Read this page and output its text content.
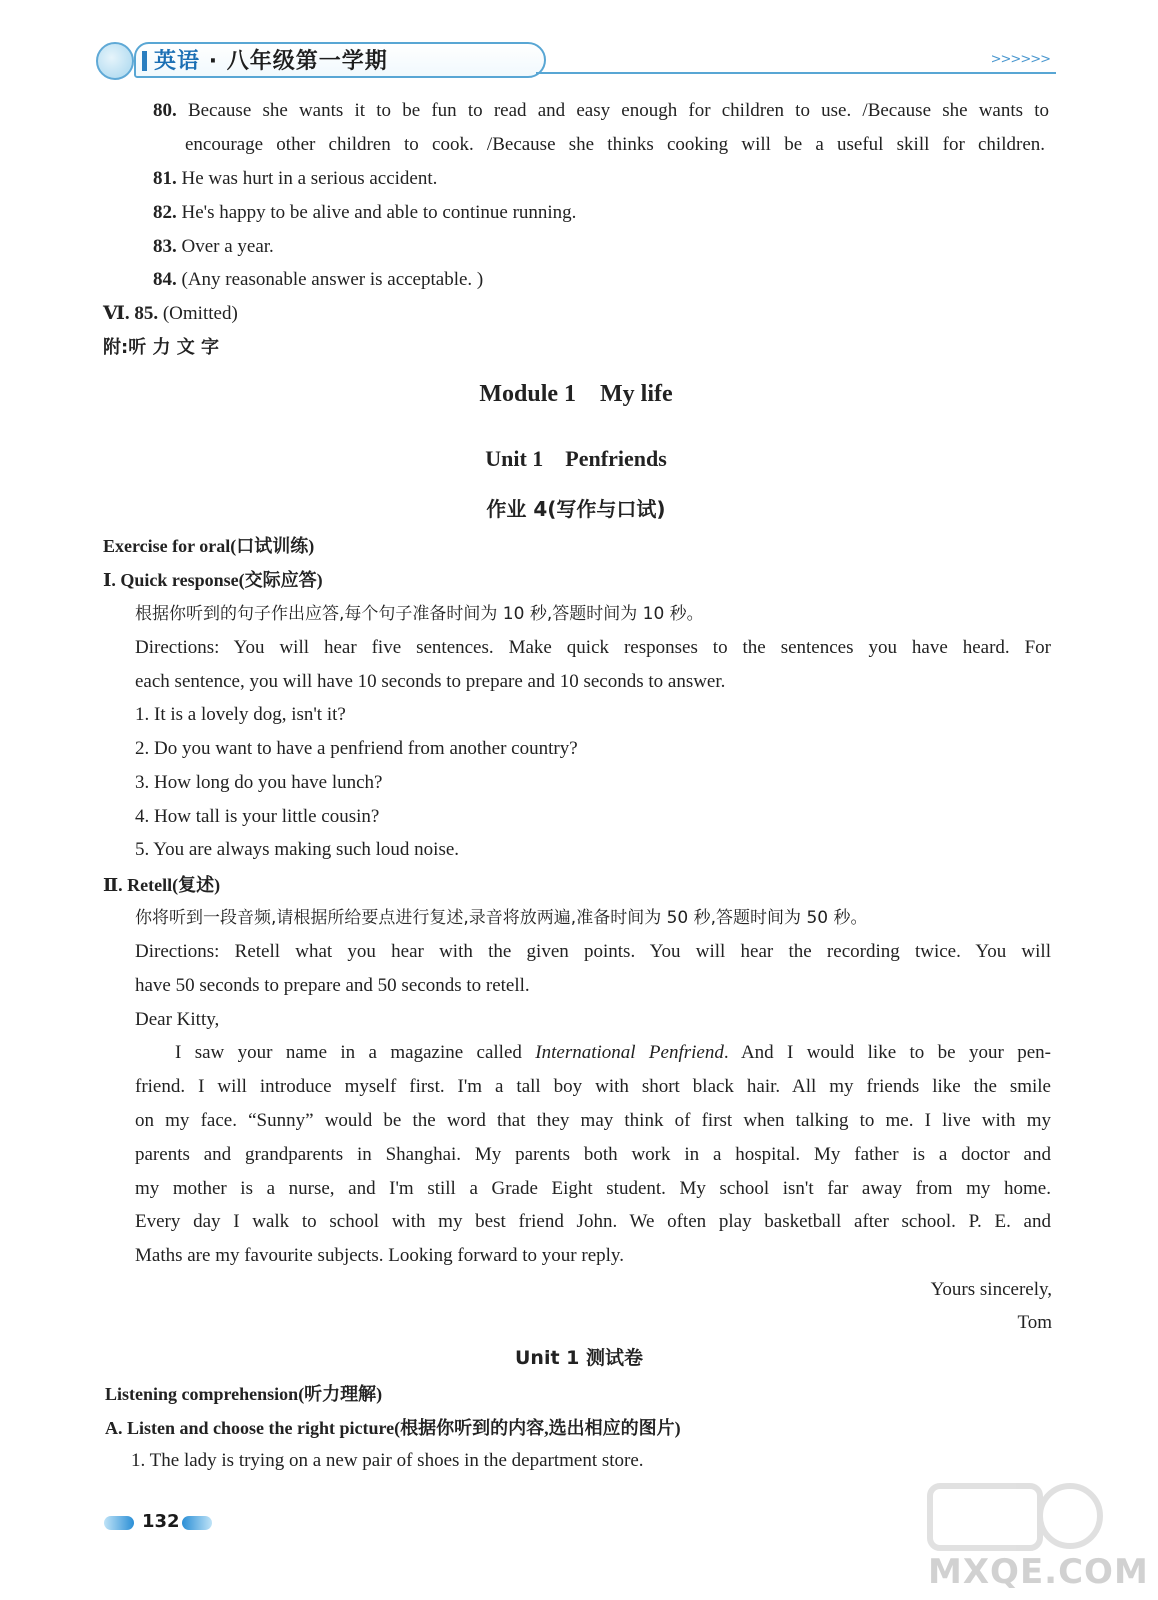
英语 · 八年级第一学期	>>>>>>
80. Because she wants it to be fun to read and easy enough for children to use. /Because she wants to
encourage other children to cook. /Because she thinks cooking will be a useful skill for children.
81. He was hurt in a serious accident.
82. He's happy to be alive and able to continue running.
83. Over a year.
84. (Any reasonable answer is acceptable. )
Ⅵ. 85. (Omitted)
附:听 力 文 字
Module 1    My life
Unit 1    Penfriends
作业 4(写作与口试)
Exercise for oral(口试训练)
Ⅰ. Quick response(交际应答)
根据你听到的句子作出应答,每个句子准备时间为 10 秒,答题时间为 10 秒。
Directions: You will hear five sentences. Make quick responses to the sentences you have heard. For
each sentence, you will have 10 seconds to prepare and 10 seconds to answer.
1. It is a lovely dog, isn't it?
2. Do you want to have a penfriend from another country?
3. How long do you have lunch?
4. How tall is your little cousin?
5. You are always making such loud noise.
Ⅱ. Retell(复述)
你将听到一段音频,请根据所给要点进行复述,录音将放两遍,准备时间为 50 秒,答题时间为 50 秒。
Directions: Retell what you hear with the given points. You will hear the recording twice. You will
have 50 seconds to prepare and 50 seconds to retell.
Dear Kitty,
I saw your name in a magazine called International Penfriend. And I would like to be your pen-
friend. I will introduce myself first. I'm a tall boy with short black hair. All my friends like the smile
on my face. “Sunny” would be the word that they may think of first when talking to me. I live with my
parents and grandparents in Shanghai. My parents both work in a hospital. My father is a doctor and
my mother is a nurse, and I'm still a Grade Eight student. My school isn't far away from my home.
Every day I walk to school with my best friend John. We often play basketball after school. P. E. and
Maths are my favourite subjects. Looking forward to your reply.
Yours sincerely,
Tom
Unit 1 测试卷
Listening comprehension(听力理解)
A. Listen and choose the right picture(根据你听到的内容,选出相应的图片)
1. The lady is trying on a new pair of shoes in the department store.
132
MXQE.COM
